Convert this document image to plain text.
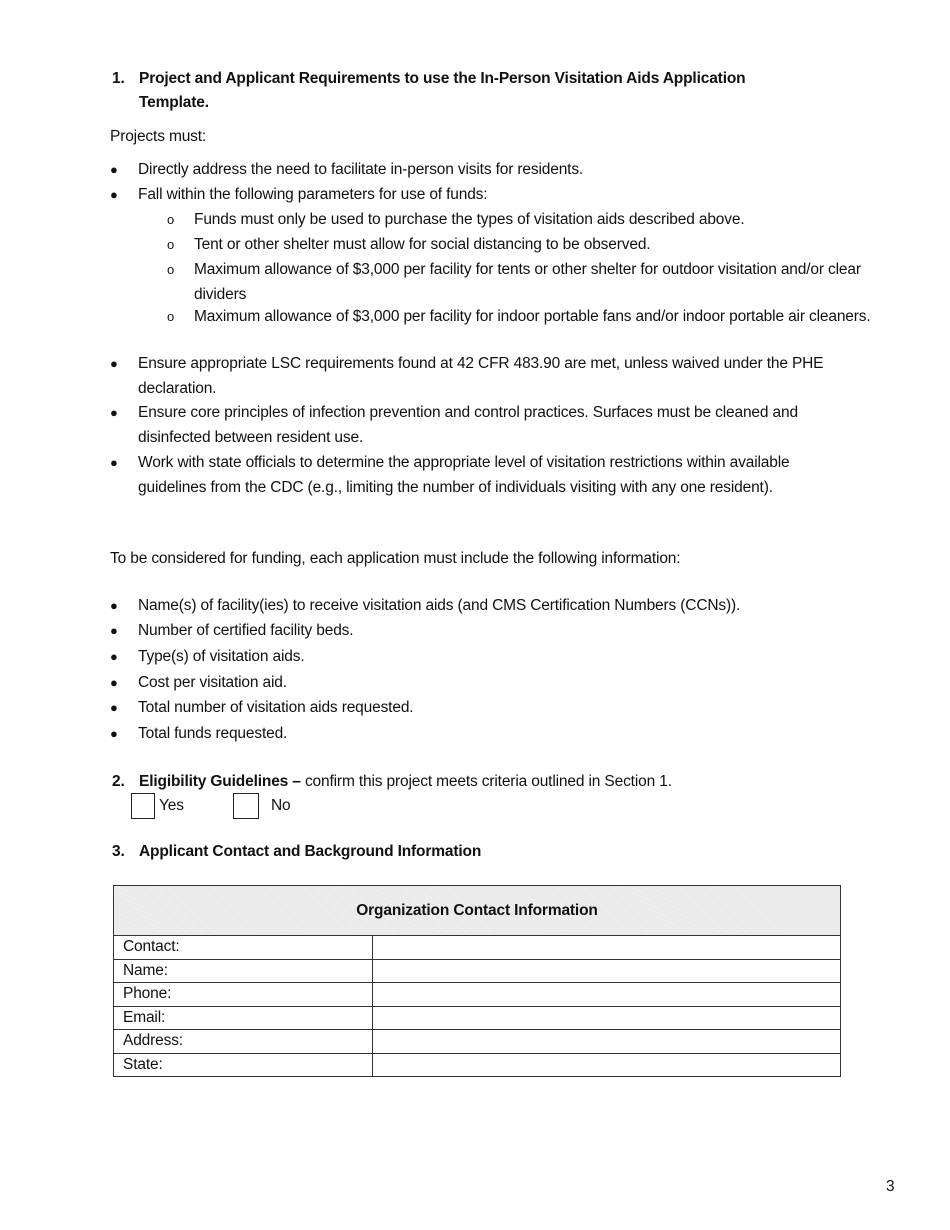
1. Project and Applicant Requirements to use the In-Person Visitation Aids Application
Template.
Projects must:
● Directly address the need to facilitate in-person visits for residents.
● Fall within the following parameters for use of funds:
o Funds must only be used to purchase the types of visitation aids described above.
o Tent or other shelter must allow for social distancing to be observed.
o Maximum allowance of $3,000 per facility for tents or other shelter for outdoor visitation and/or clear dividers
o Maximum allowance of $3,000 per facility for indoor portable fans and/or indoor portable air cleaners.
● Ensure appropriate LSC requirements found at 42 CFR 483.90 are met, unless waived under the PHE declaration.
● Ensure core principles of infection prevention and control practices. Surfaces must be cleaned and disinfected between resident use.
● Work with state officials to determine the appropriate level of visitation restrictions within available guidelines from the CDC (e.g., limiting the number of individuals visiting with any one resident).
To be considered for funding, each application must include the following information:
● Name(s) of facility(ies) to receive visitation aids (and CMS Certification Numbers (CCNs)).
● Number of certified facility beds.
● Type(s) of visitation aids.
● Cost per visitation aid.
● Total number of visitation aids requested.
● Total funds requested.
2. Eligibility Guidelines – confirm this project meets criteria outlined in Section 1.
Yes	No
3. Applicant Contact and Background Information
Organization Contact Information	
Contact:	
Name:	
Phone:	
Email:	
Address:	
State:	
3
